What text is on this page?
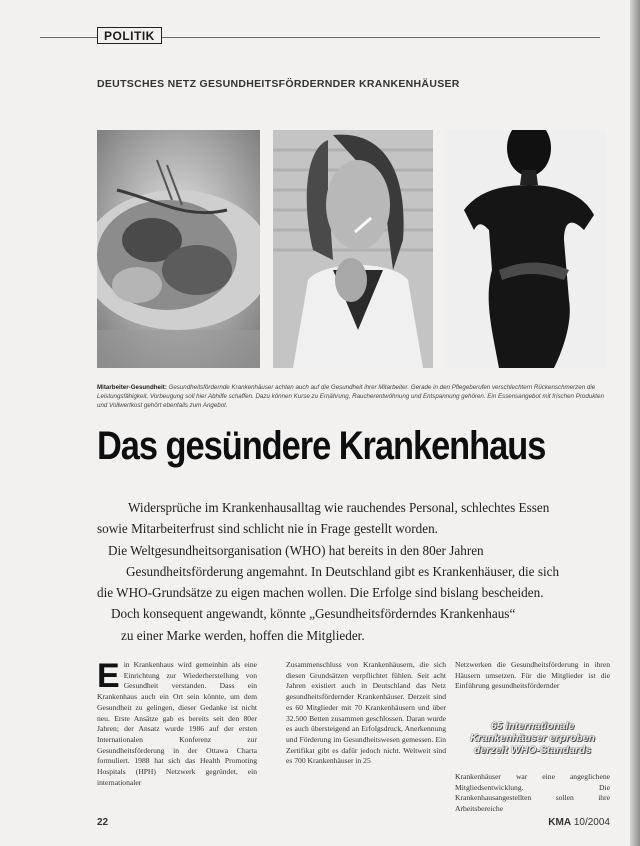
POLITIK
DEUTSCHES NETZ GESUNDHEITSFÖRDERNDER KRANKENHÄUSER
Mitarbeiter-Gesundheit: Gesundheitsfördernde Krankenhäuser achten auch auf die Gesundheit ihrer Mitarbeiter. Gerade in den Pflegeberufen verschlechtern Rückenschmerzen die Leistungsfähigkeit, Vorbeugung soll hier Abhilfe schaffen. Dazu können Kurse zu Ernährung, Raucherentwöhnung und Entspannung gehören. Ein Essensangebot mit frischen Produkten und Vollwertkost gehört ebenfalls zum Angebot.
Das gesündere Krankenhaus
Widersprüche im Krankenhausalltag wie rauchendes Personal, schlechtes Essen
sowie Mitarbeiterfrust sind schlicht nie in Frage gestellt worden.
Die Weltgesundheitsorganisation (WHO) hat bereits in den 80er Jahren
Gesundheitsförderung angemahnt. In Deutschland gibt es Krankenhäuser, die sich
die WHO-Grundsätze zu eigen machen wollen. Die Erfolge sind bislang bescheiden.
Doch konsequent angewandt, könnte „Gesundheitsförderndes Krankenhaus“
zu einer Marke werden, hoffen die Mitglieder.
Ein Krankenhaus wird gemeinhin als eine Einrichtung zur Wiederherstellung von Gesundheit verstanden. Dass ein Krankenhaus auch ein Ort sein könnte, um dem Gesundheit zu gelingen, dieser Gedanke ist nicht neu. Erste Ansätze gab es bereits seit den 80er Jahren; der Ansatz wurde 1986 auf der ersten Internationalen Konferenz zur Gesundheitsförderung in der Ottawa Charta formuliert. 1988 hat sich das Health Promoting Hospitals (HPH) Netzwerk gegründet, ein internationaler
Zusammenschluss von Krankenhäusern, die sich diesen Grundsätzen verpflichtet fühlen. Seit acht Jahren existiert auch in Deutschland das Netz gesundheitsfördernder Krankenhäuser. Derzeit sind es 60 Mitglieder mit 70 Krankenhäusern und über 32.500 Betten zusammen geschlossen. Daran wurde es auch übersteigend an Erfolgsdruck, Anerkennung und Förderung im Gesundheitswesen gemessen. Ein Zertifikat gibt es dafür jedoch nicht. Weltweit sind es 700 Krankenhäuser in 25
Netzwerken die Gesundheitsförderung in ihren Häusern umsetzen. Für die Mitglieder ist die Einführung gesundheitsfördernder
65 internationale Krankenhäuser erproben derzeit WHO-Standards
Krankenhäuser war eine angeglichene Mitgliedsentwicklung. Die Krankenhausangestellten sollen ihre Arbeitsbereiche
22	KMA 10/2004
